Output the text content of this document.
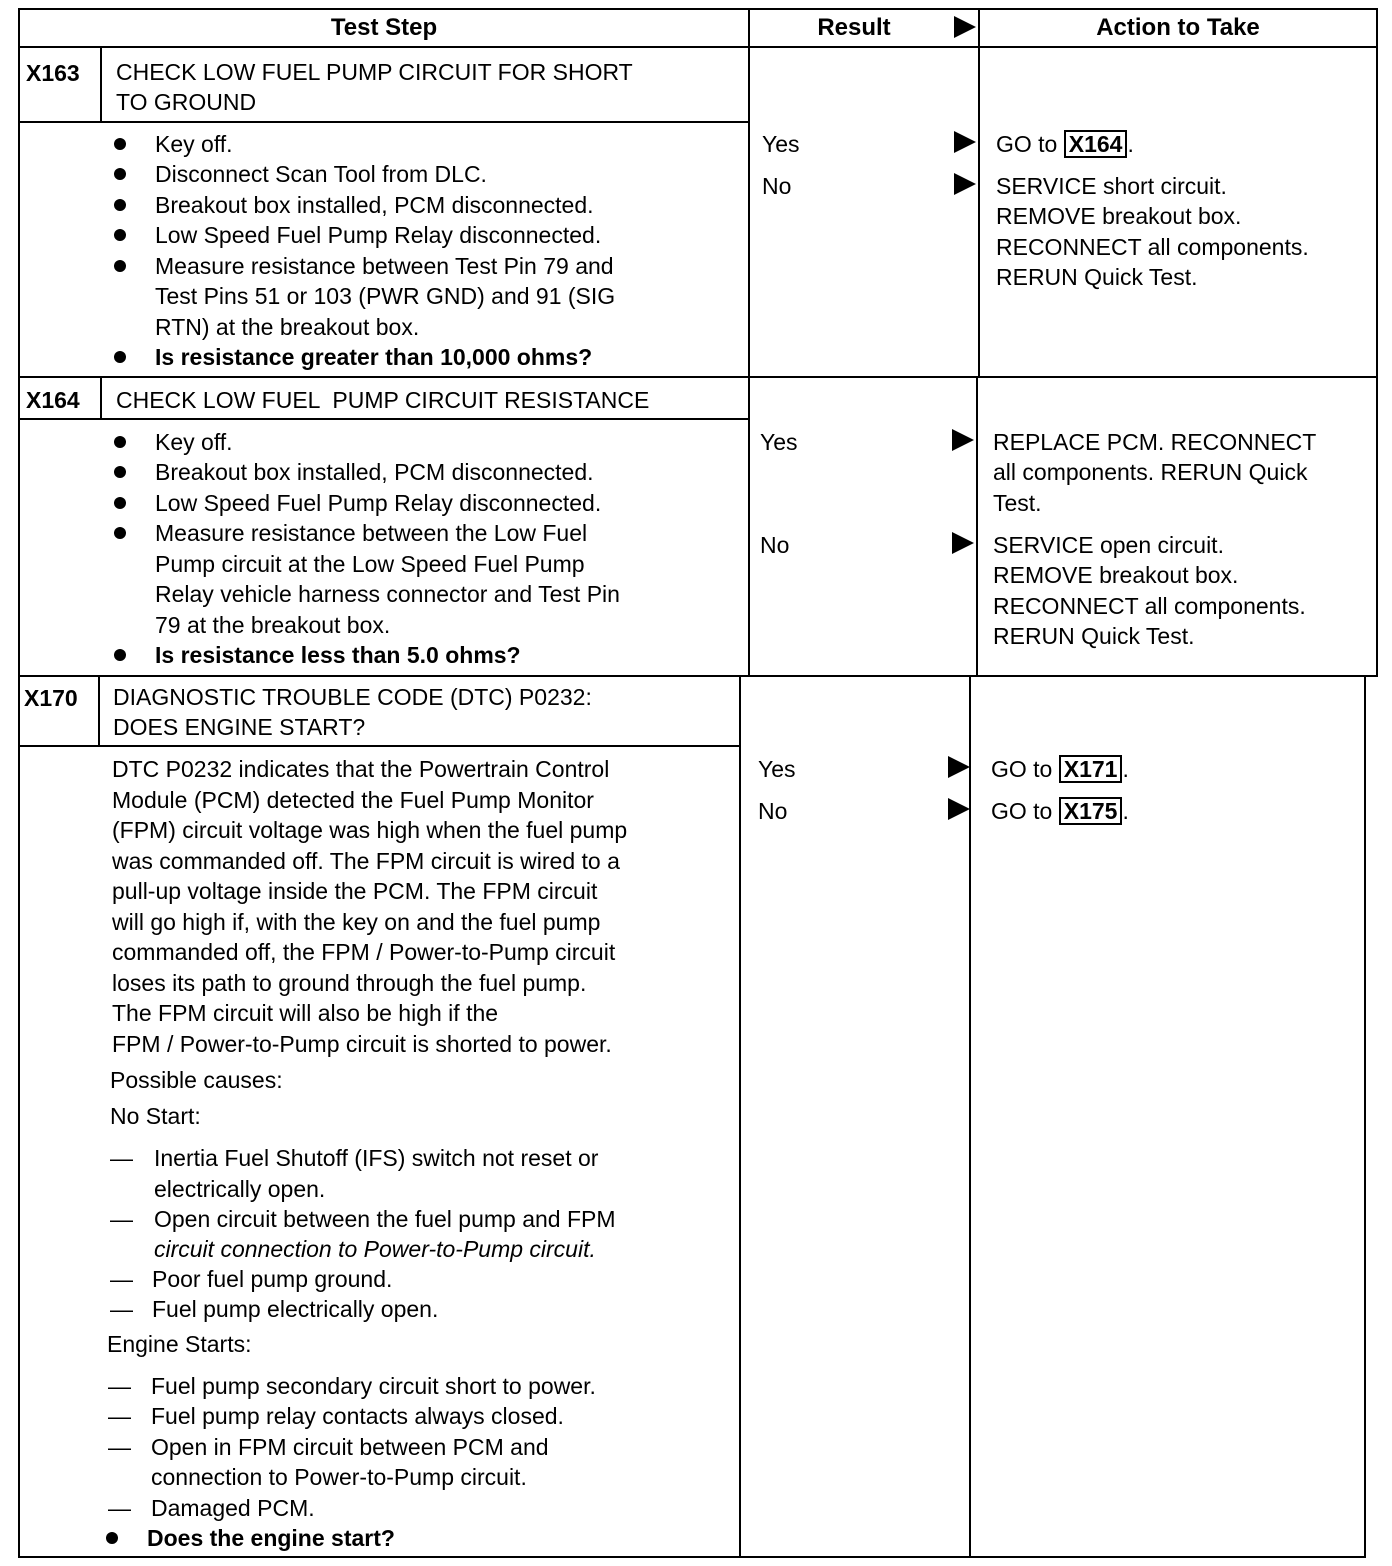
Test Step	Result	Action to Take
X163 CHECK LOW FUEL PUMP CIRCUIT FOR SHORT
TO GROUND
Key off.
Disconnect Scan Tool from DLC.
Breakout box installed, PCM disconnected.
Low Speed Fuel Pump Relay disconnected.
Measure resistance between Test Pin 79 and
Test Pins 51 or 103 (PWR GND) and 91 (SIG
RTN) at the breakout box.
Is resistance greater than 10,000 ohms?
Yes
No
GO to X164 .
SERVICE short circuit.
REMOVE breakout box.
RECONNECT all components.
RERUN Quick Test.
X164 CHECK LOW FUEL  PUMP CIRCUIT RESISTANCE
Key off.
Breakout box installed, PCM disconnected.
Low Speed Fuel Pump Relay disconnected.
Measure resistance between the Low Fuel
Pump circuit at the Low Speed Fuel Pump
Relay vehicle harness connector and Test Pin
79 at the breakout box.
Is resistance less than 5.0 ohms?
Yes
No
REPLACE PCM. RECONNECT
all components. RERUN Quick
Test.
SERVICE open circuit.
REMOVE breakout box.
RECONNECT all components.
RERUN Quick Test.
X170 DIAGNOSTIC TROUBLE CODE (DTC) P0232:
DOES ENGINE START?
DTC P0232 indicates that the Powertrain Control
Module (PCM) detected the Fuel Pump Monitor
(FPM) circuit voltage was high when the fuel pump
was commanded off. The FPM circuit is wired to a
pull-up voltage inside the PCM. The FPM circuit
will go high if, with the key on and the fuel pump
commanded off, the FPM / Power-to-Pump circuit
loses its path to ground through the fuel pump.
The FPM circuit will also be high if the
FPM / Power-to-Pump circuit is shorted to power.
Possible causes:
No Start:
— Inertia Fuel Shutoff (IFS) switch not reset or
electrically open.
— Open circuit between the fuel pump and FPM
circuit connection to Power-to-Pump circuit.
— Poor fuel pump ground.
— Fuel pump electrically open.
Engine Starts:
— Fuel pump secondary circuit short to power.
— Fuel pump relay contacts always closed.
— Open in FPM circuit between PCM and
connection to Power-to-Pump circuit.
— Damaged PCM.
Does the engine start?
Yes
No
GO to X171 .
GO to X175 .
